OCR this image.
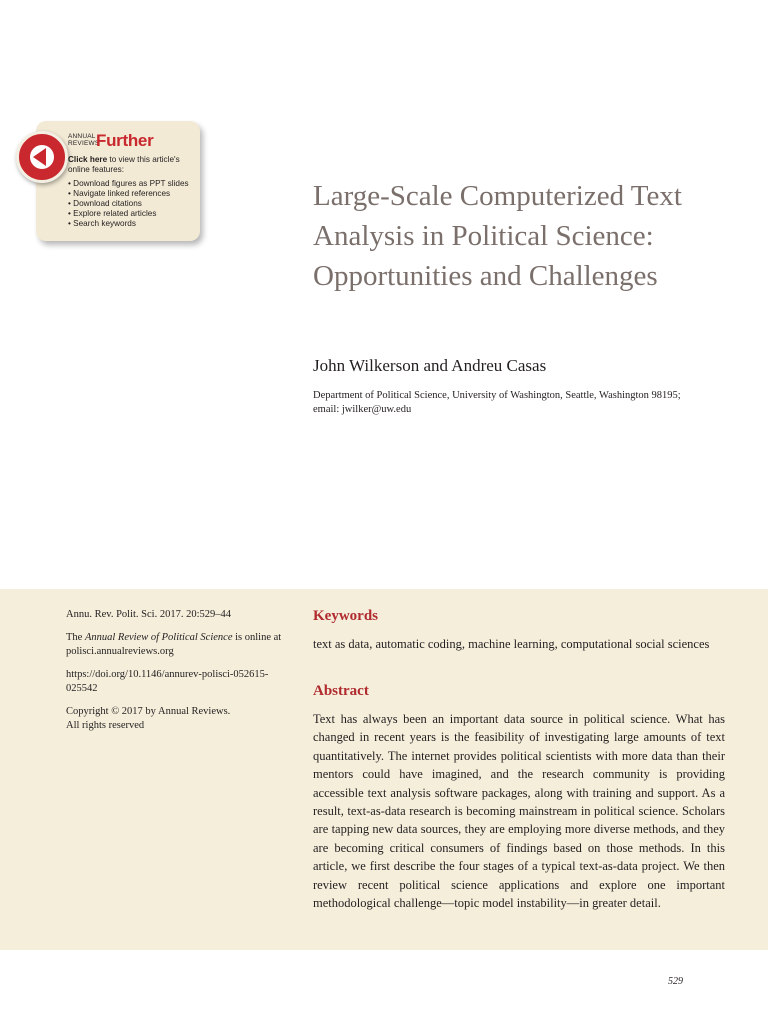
ANNUAL
REVIEWS
Further
Click here to view this article's online features:
• Download figures as PPT slides
• Navigate linked references
• Download citations
• Explore related articles
• Search keywords
Large-Scale Computerized Text Analysis in Political Science: Opportunities and Challenges
John Wilkerson and Andreu Casas
Department of Political Science, University of Washington, Seattle, Washington 98195;
email: jwilker@uw.edu

Annu. Rev. Polit. Sci. 2017. 20:529–44

The Annual Review of Political Science is online at polisci.annualreviews.org

https://doi.org/10.1146/annurev-polisci-052615-025542

Copyright © 2017 by Annual Reviews.
All rights reserved

Keywords
text as data, automatic coding, machine learning, computational social sciences
Abstract

Text has always been an important data source in political science. What has changed in recent years is the feasibility of investigating large amounts of text quantitatively. The internet provides political scientists with more data than their mentors could have imagined, and the research community is providing accessible text analysis software packages, along with training and support. As a result, text-as-data research is becoming mainstream in political science. Scholars are tapping new data sources, they are employing more diverse methods, and they are becoming critical consumers of findings based on those methods. In this article, we first describe the four stages of a typical text-as-data project. We then review recent political science applications and explore one important methodological challenge—topic model instability—in greater detail.

529
